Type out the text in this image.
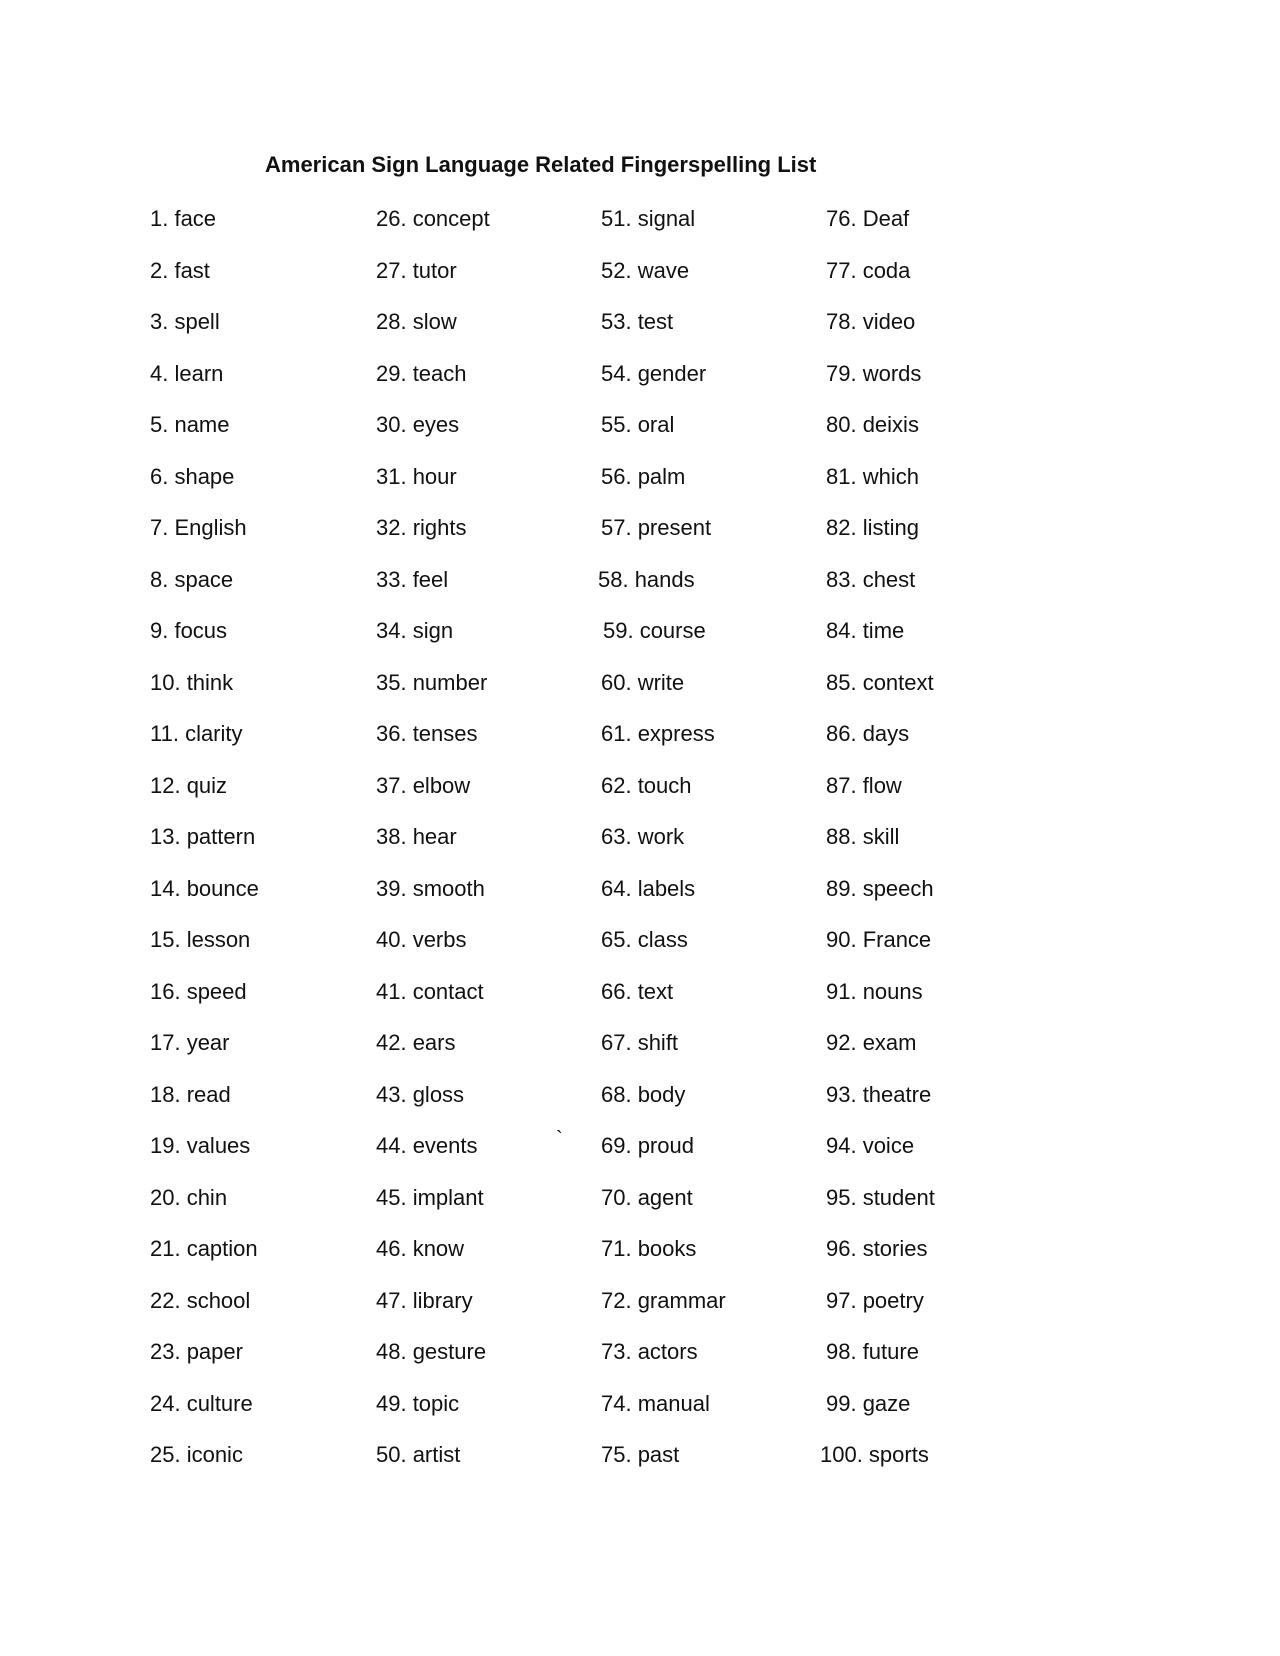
American Sign Language Related Fingerspelling List
1. face
2. fast
3. spell
4. learn
5. name
6. shape
7. English
8. space
9. focus
10. think
11. clarity
12. quiz
13. pattern
14. bounce
15. lesson
16. speed
17. year
18. read
19. values
20. chin
21. caption
22. school
23. paper
24. culture
25. iconic
26. concept
27. tutor
28. slow
29. teach
30. eyes
31. hour
32. rights
33. feel
34. sign
35. number
36. tenses
37. elbow
38. hear
39. smooth
40. verbs
41. contact
42. ears
43. gloss
44. events
45. implant
46. know
47. library
48. gesture
49. topic
50. artist
51. signal
52. wave
53. test
54. gender
55. oral
56. palm
57. present
58. hands
59. course
60. write
61. express
62. touch
63. work
64. labels
65. class
66. text
67. shift
68. body
69. proud
70. agent
71. books
72. grammar
73. actors
74. manual
75. past
76. Deaf
77. coda
78. video
79. words
80. deixis
81. which
82. listing
83. chest
84. time
85. context
86. days
87. flow
88. skill
89. speech
90. France
91. nouns
92. exam
93. theatre
94. voice
95. student
96. stories
97. poetry
98. future
99. gaze
100. sports
`
